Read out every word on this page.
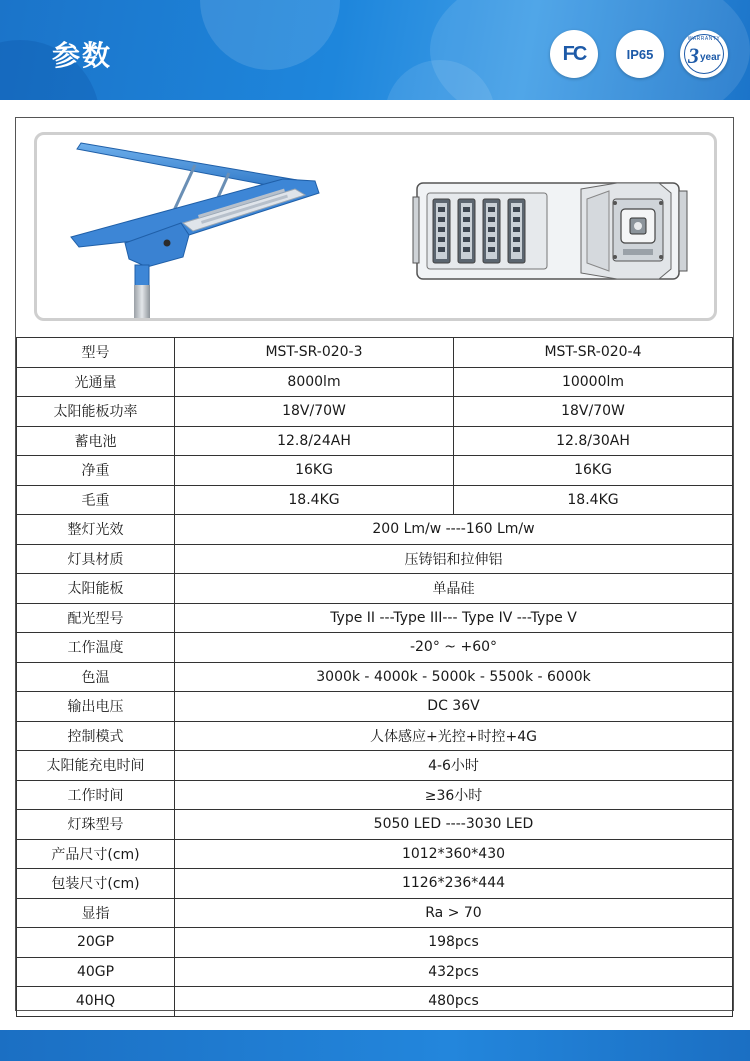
参数	FC	IP65
WARRANTY
3 year
型号	MST-SR-020-3	MST-SR-020-4
光通量	8000lm	10000lm
太阳能板功率	18V/70W	18V/70W
蓄电池	12.8/24AH	12.8/30AH
净重	16KG	16KG
毛重	18.4KG	18.4KG
整灯光效	200 Lm/w ----160 Lm/w	
灯具材质	压铸铝和拉伸铝	
太阳能板	单晶硅	
配光型号	Type II ---Type III--- Type IV ---Type V	
工作温度	-20° ~ +60°	
色温	3000k - 4000k - 5000k - 5500k - 6000k	
输出电压	DC 36V	
控制模式	人体感应+光控+时控+4G	
太阳能充电时间	4-6小时	
工作时间	≥36小时	
灯珠型号	5050 LED ----3030 LED	
产品尺寸(cm)	1012*360*430	
包装尺寸(cm)	1126*236*444	
显指	Ra > 70	
20GP	198pcs	
40GP	432pcs	
40HQ	480pcs	
